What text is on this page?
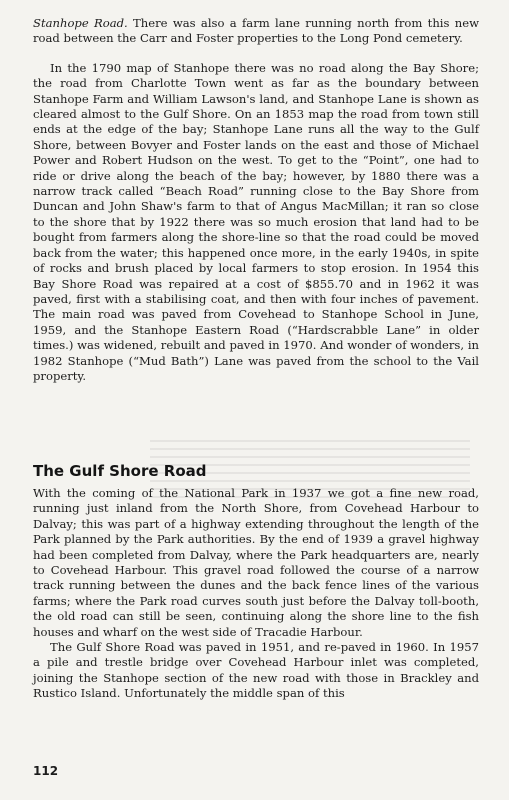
Stanhope Road. There was also a farm lane running north from this new road between the Carr and Foster properties to the Long Pond cemetery.

In the 1790 map of Stanhope there was no road along the Bay Shore; the road from Charlotte Town went as far as the boundary between Stanhope Farm and William Lawson's land, and Stanhope Lane is shown as cleared almost to the Gulf Shore. On an 1853 map the road from town still ends at the edge of the bay; Stanhope Lane runs all the way to the Gulf Shore, between Bovyer and Foster lands on the east and those of Michael Power and Robert Hudson on the west. To get to the “Point”, one had to ride or drive along the beach of the bay; however, by 1880 there was a narrow track called “Beach Road” running close to the Bay Shore from Duncan and John Shaw's farm to that of Angus MacMillan; it ran so close to the shore that by 1922 there was so much erosion that land had to be bought from farmers along the shore-line so that the road could be moved back from the water; this happened once more, in the early 1940s, in spite of rocks and brush placed by local farmers to stop erosion. In 1954 this Bay Shore Road was repaired at a cost of $855.70 and in 1962 it was paved, first with a stabilising coat, and then with four inches of pavement. The main road was paved from Covehead to Stanhope School in June, 1959, and the Stanhope Eastern Road (“Hardscrabble Lane” in older times.) was widened, rebuilt and paved in 1970. And wonder of wonders, in 1982 Stanhope (“Mud Bath”) Lane was paved from the school to the Vail property.

The Gulf Shore Road

With the coming of the National Park in 1937 we got a fine new road, running just inland from the North Shore, from Covehead Harbour to Dalvay; this was part of a highway extending throughout the length of the Park planned by the Park authorities. By the end of 1939 a gravel highway had been completed from Dalvay, where the Park headquarters are, nearly to Covehead Harbour. This gravel road followed the course of a narrow track running between the dunes and the back fence lines of the various farms; where the Park road curves south just before the Dalvay toll-booth, the old road can still be seen, continuing along the shore line to the fish houses and wharf on the west side of Tracadie Harbour.

The Gulf Shore Road was paved in 1951, and re-paved in 1960. In 1957 a pile and trestle bridge over Covehead Harbour inlet was completed, joining the Stanhope section of the new road with those in Brackley and Rustico Island. Unfortunately the middle span of this

112
